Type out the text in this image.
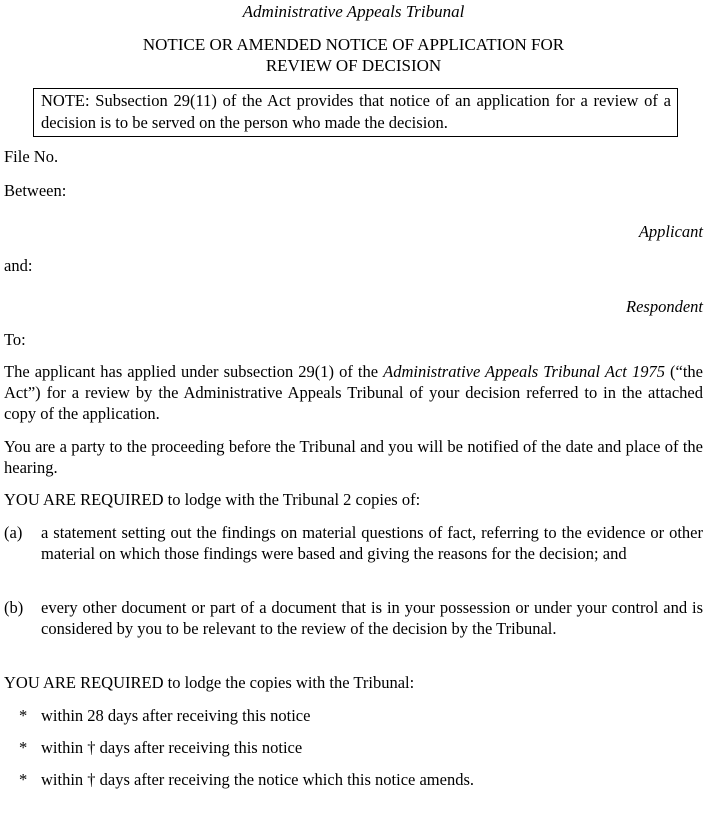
Administrative Appeals Tribunal
NOTICE OR AMENDED NOTICE OF APPLICATION FOR
REVIEW OF DECISION
NOTE: Subsection 29(11) of the Act provides that notice of an application for a review of a decision is to be served on the person who made the decision.
File No.
Between:
Applicant
and:
Respondent
To:
The applicant has applied under subsection 29(1) of the Administrative Appeals Tribunal Act 1975 (“the Act”) for a review by the Administrative Appeals Tribunal of your decision referred to in the attached copy of the application.
You are a party to the proceeding before the Tribunal and you will be notified of the date and place of the hearing.
YOU ARE REQUIRED to lodge with the Tribunal 2 copies of:
(a) a statement setting out the findings on material questions of fact, referring to the evidence or other material on which those findings were based and giving the reasons for the decision; and
(b) every other document or part of a document that is in your possession or under your control and is considered by you to be relevant to the review of the decision by the Tribunal.
YOU ARE REQUIRED to lodge the copies with the Tribunal:
* within 28 days after receiving this notice
* within † days after receiving this notice
* within † days after receiving the notice which this notice amends.
